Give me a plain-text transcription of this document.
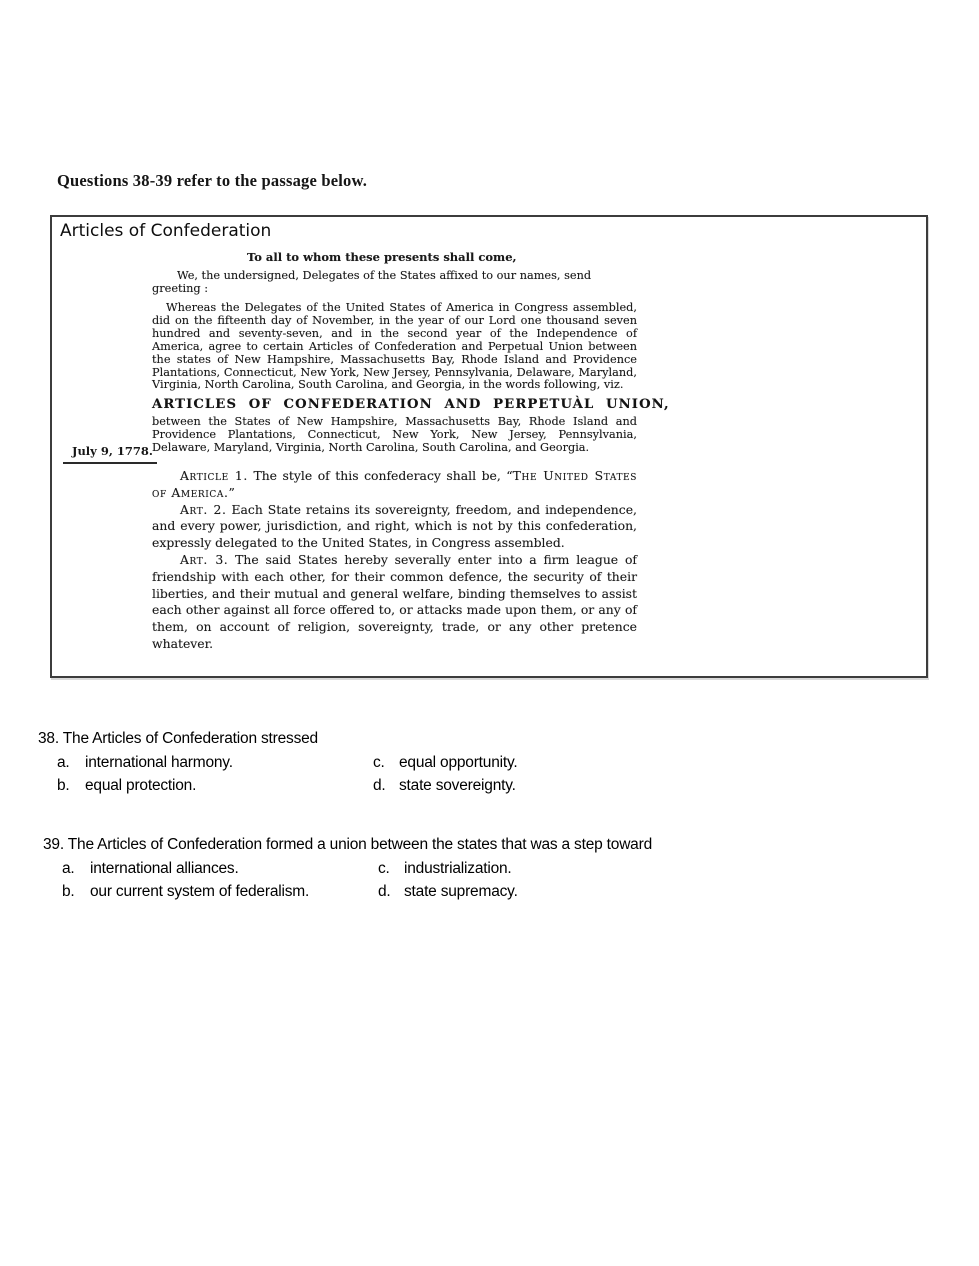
Questions 38-39 refer to the passage below.
Articles of Confederation
July 9, 1778.

To all to whom these presents shall come,

We, the undersigned, Delegates of the States affixed to our names, send greeting :

Whereas the Delegates of the United States of America in Congress assembled, did on the fifteenth day of November, in the year of our Lord one thousand seven hundred and seventy-seven, and in the second year of the Independence of America, agree to certain Articles of Confederation and Perpetual Union between the states of New Hampshire, Massachusetts Bay, Rhode Island and Providence Plantations, Connecticut, New York, New Jersey, Pennsylvania, Delaware, Maryland, Virginia, North Carolina, South Carolina, and Georgia, in the words following, viz.

ARTICLES OF CONFEDERATION AND PERPETUÀL UNION,

between the States of New Hampshire, Massachusetts Bay, Rhode Island and Providence Plantations, Connecticut, New York, New Jersey, Pennsylvania, Delaware, Maryland, Virginia, North Carolina, South Carolina, and Georgia.

Article 1. The style of this confederacy shall be, “The United States of America.”

Art. 2. Each State retains its sovereignty, freedom, and independence, and every power, jurisdiction, and right, which is not by this confederation, expressly delegated to the United States, in Congress assembled.

Art. 3. The said States hereby severally enter into a firm league of friendship with each other, for their common defence, the security of their liberties, and their mutual and general welfare, binding themselves to assist each other against all force offered to, or attacks made upon them, or any of them, on account of religion, sovereignty, trade, or any other pretence whatever.

38. The Articles of Confederation stressed
a. international harmony.	c. equal opportunity.
b. equal protection.	d. state sovereignty.
39. The Articles of Confederation formed a union between the states that was a step toward
a. international alliances.	c. industrialization.
b. our current system of federalism.	d. state supremacy.
